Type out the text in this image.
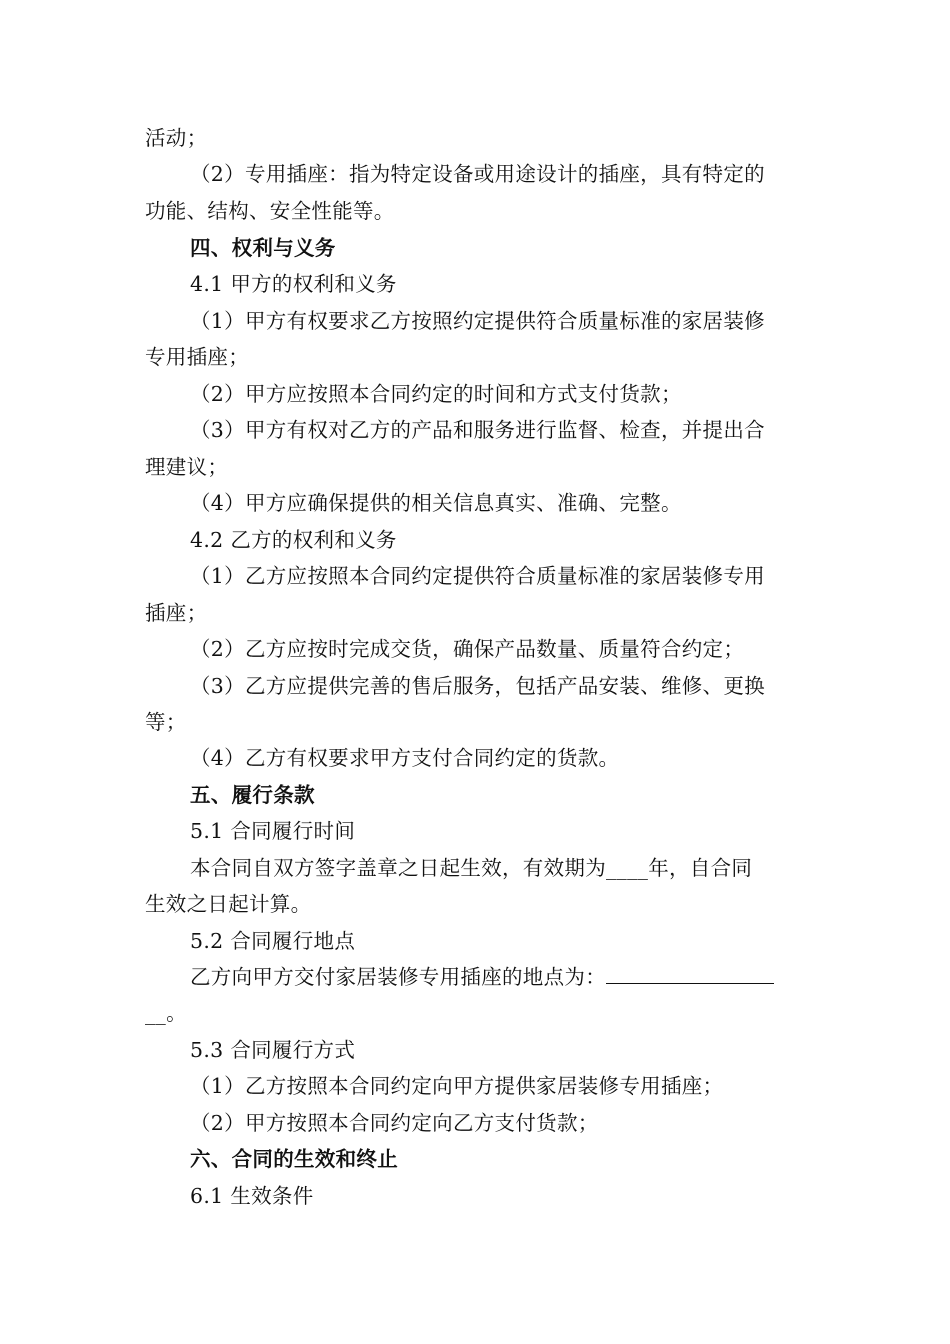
活动；
（2）专用插座：指为特定设备或用途设计的插座，具有特定的
功能、结构、安全性能等。
四、权利与义务
4.1 甲方的权利和义务
（1）甲方有权要求乙方按照约定提供符合质量标准的家居装修
专用插座；
（2）甲方应按照本合同约定的时间和方式支付货款；
（3）甲方有权对乙方的产品和服务进行监督、检查，并提出合
理建议；
（4）甲方应确保提供的相关信息真实、准确、完整。
4.2 乙方的权利和义务
（1）乙方应按照本合同约定提供符合质量标准的家居装修专用
插座；
（2）乙方应按时完成交货，确保产品数量、质量符合约定；
（3）乙方应提供完善的售后服务，包括产品安装、维修、更换
等；
（4）乙方有权要求甲方支付合同约定的货款。
五、履行条款
5.1 合同履行时间
本合同自双方签字盖章之日起生效，有效期为____年，自合同
生效之日起计算。
5.2 合同履行地点
乙方向甲方交付家居装修专用插座的地点为：
__。
5.3 合同履行方式
（1）乙方按照本合同约定向甲方提供家居装修专用插座；
（2）甲方按照本合同约定向乙方支付货款；
六、合同的生效和终止
6.1 生效条件
